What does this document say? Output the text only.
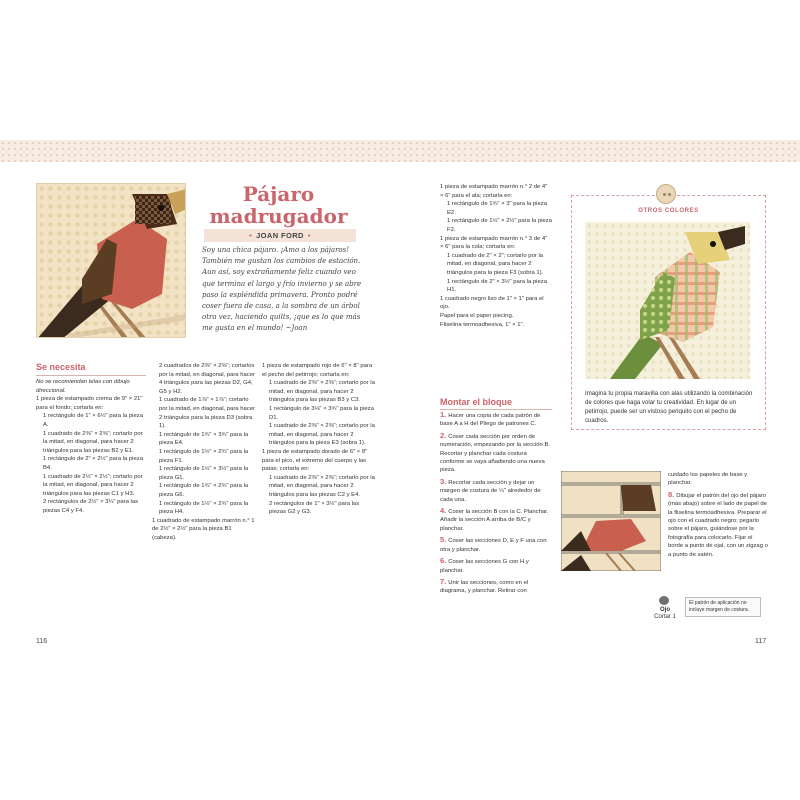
Pájaro
madrugador
• JOAN FORD •
Soy una chica pájaro. ¡Amo a los pájaros! También me gustan los cambios de estación. Aun así, soy extrañamente feliz cuando veo que termina el largo y frío invierno y se abre paso la espléndida primavera. Pronto podré coser fuera de casa, a la sombra de un árbol otra vez, haciendo quilts, ¡que es lo que más me gusta en el mundo! ~Joan
Se necesita

No se recomiendan telas con dibujo direccional.

1 pieza de estampado crema de 9" × 21" para el fondo; cortarla en:

1 rectángulo de 1" × 6½" para la pieza A.

1 cuadrado de 2⅜" × 2⅜"; cortarlo por la mitad, en diagonal, para hacer 2 triángulos para las piezas B2 y E1.

1 rectángulo de 2" × 2½" para la pieza B4.

1 cuadrado de 2½" × 2½"; cortarlo por la mitad, en diagonal, para hacer 2 triángulos para las piezas C1 y H3.

2 rectángulos de 2½" × 3¼" para las piezas C4 y F4.

2 cuadrados de 2⅜" × 2⅜"; cortarlos por la mitad, en diagonal, para hacer 4 triángulos para las piezas D2, G4, G5 y H2.

1 cuadrado de 1⅞" × 1⅞"; cortarlo por la mitad, en diagonal, para hacer 2 triángulos para la pieza D3 (sobra 1).

1 rectángulo de 1¾" × 3¾" para la pieza E4.

1 rectángulo de 1½" × 2¾" para la pieza F1.

1 rectángulo de 1½" × 3½" para la pieza G1.

1 rectángulo de 1¾" × 2¾" para la pieza G6.

1 rectángulo de 1½" × 2¾" para la pieza H4.

1 cuadrado de estampado marrón n.° 1 de 2½" × 2½" para la pieza B1 (cabeza).

1 pieza de estampado rojo de 6" × 8" para el pecho del petirrojo; cortarla en:

1 cuadrado de 2⅜" × 2⅜"; cortarlo por la mitad, en diagonal, para hacer 2 triángulos para las piezas B3 y C3.

1 rectángulo de 3⅛" × 3¾" para la pieza D1.

1 cuadrado de 2⅜" × 2⅜"; cortarlo por la mitad, en diagonal, para hacer 2 triángulos para la pieza E3 (sobra 1).

1 pieza de estampado dorado de 6" × 8" para el pico, el extremo del cuerpo y las patas; cortarla en:

1 cuadrado de 2⅜" × 2⅜"; cortarlo por la mitad, en diagonal, para hacer 2 triángulos para las piezas C2 y E4.

2 rectángulos de 1" × 3½" para las piezas G2 y G3.

116

1 pieza de estampado marrón n.° 2 de 4" × 6" para el ala; cortarla en:

1 rectángulo de 1¾" × 3" para la pieza E2.

1 rectángulo de 1½" × 2½" para la pieza F2.

1 pieza de estampado marrón n.° 3 de 4" × 6" para la cola; cortarla en:

1 cuadrado de 2" × 2"; cortarlo por la mitad, en diagonal, para hacer 2 triángulos para la pieza F3 (sobra 1).

1 rectángulo de 2" × 3½" para la pieza H1.

1 cuadrado negro liso de 1" × 1" para el ojo.

Papel para el paper piecing.

Fliselina termoadhesiva, 1" × 1".

Montar el bloque
1. Hacer una copia de cada patrón de base A a H del Pliego de patrones C.
2. Coser cada sección por orden de numeración, empezando por la sección B. Recortar y planchar cada costura conforme se vaya añadiendo una nueva pieza.
3. Recortar cada sección y dejar un margen de costura de ¼" alrededor de cada una.
4. Coser la sección B con la C. Planchar. Añadir la sección A arriba de B/C y planchar.
5. Coser las secciones D, E y F una con otra y planchar.
6. Coser las secciones G con H y planchar.
7. Unir las secciones, como en el diagrama, y planchar. Retirar con
OTROS COLORES
Imagina tu propia maravilla con alas utilizando la combinación de colores que haga volar tu creatividad. En lugar de un petirrojo, puede ser un vistoso periquito con el pecho de cuadros.
cuidado los papeles de base y planchar.
8. Dibujar el patrón del ojo del pájaro (más abajo) sobre el lado de papel de la fliselina termoadhesiva. Preparar el ojo con el cuadrado negro; pegarlo sobre el pájaro, guiándose por la fotografía para colocarlo. Fijar el borde a punto de ojal, con un zigzag o a punto de satén.
Ojo
Cortar 1
El patrón de aplicación no incluye margen de costura.
117
